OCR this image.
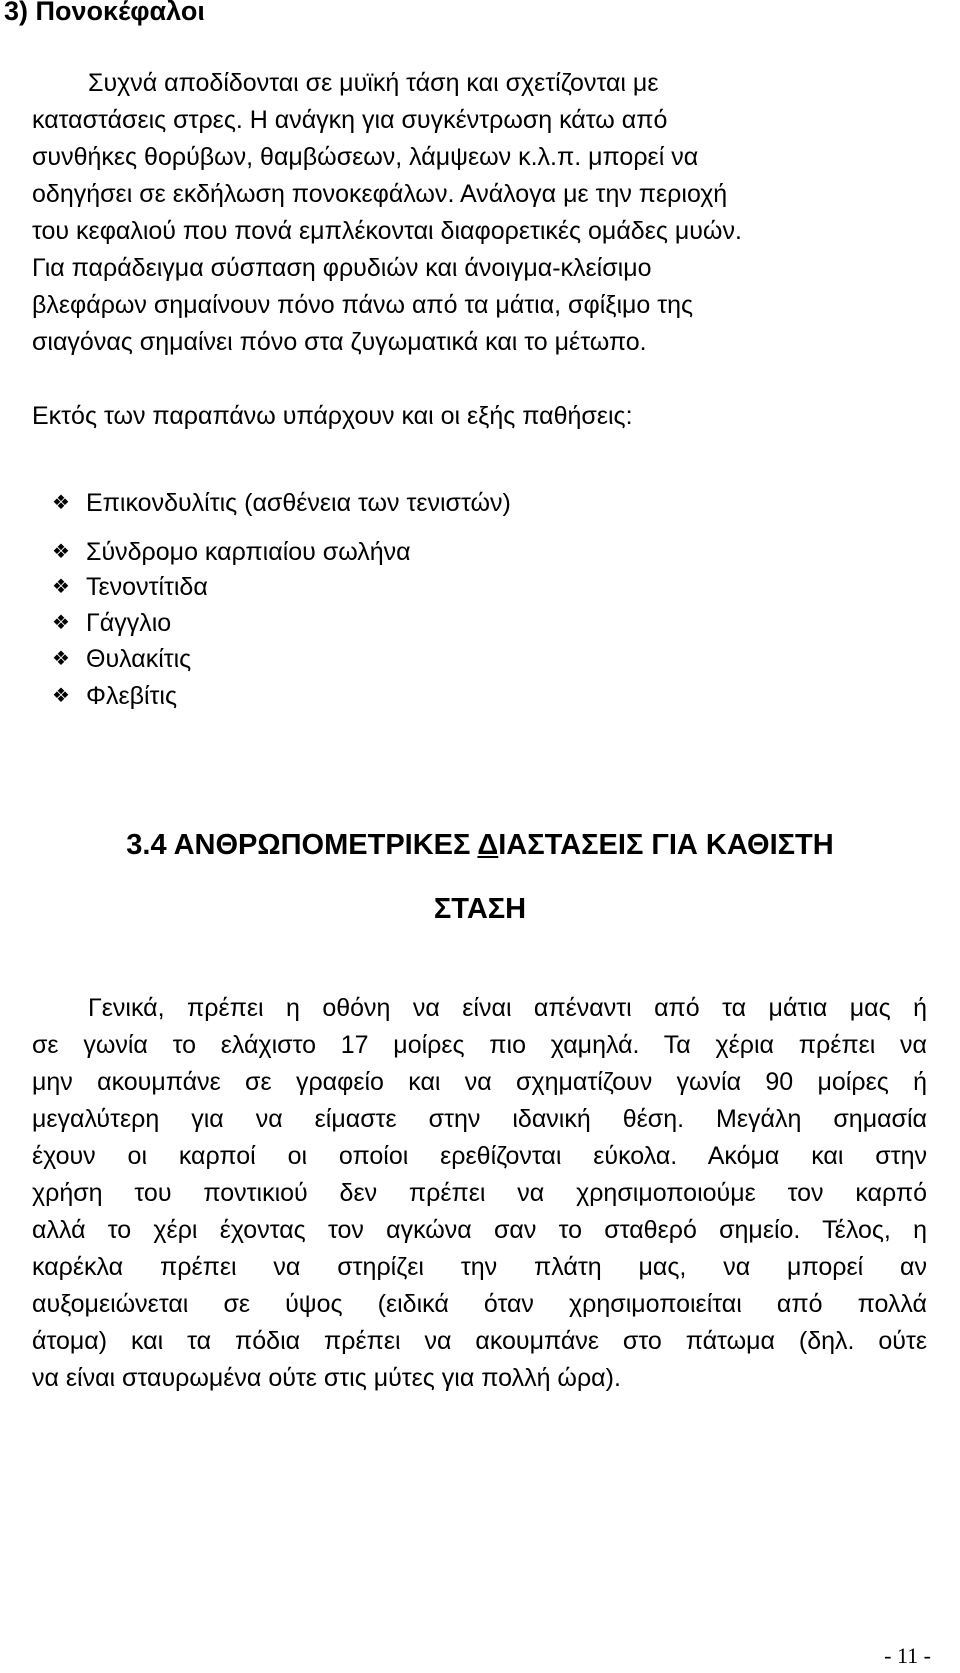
3) Πονοκέφαλοι
Συχνά αποδίδονται σε μυϊκή τάση και σχετίζονται με
καταστάσεις στρες. Η ανάγκη για συγκέντρωση κάτω από
συνθήκες θορύβων, θαμβώσεων, λάμψεων κ.λ.π. μπορεί να
οδηγήσει σε εκδήλωση πονοκεφάλων. Ανάλογα με την περιοχή
του κεφαλιού που πονά εμπλέκονται διαφορετικές ομάδες μυών.
Για παράδειγμα σύσπαση φρυδιών και άνοιγμα-κλείσιμο
βλεφάρων σημαίνουν πόνο πάνω από τα μάτια, σφίξιμο της
σιαγόνας σημαίνει πόνο στα ζυγωματικά και το μέτωπο.
Εκτός των παραπάνω υπάρχουν και οι εξής παθήσεις:
❖ Επικονδυλίτις (ασθένεια των τενιστών)
❖ Σύνδρομο καρπιαίου σωλήνα
❖ Τενοντίτιδα
❖ Γάγγλιο
❖ Θυλακίτις
❖ Φλεβίτις
3.4 ΑΝΘΡΩΠΟΜΕΤΡΙΚΕΣ ΔΙΑΣΤΑΣΕΙΣ ΓΙΑ ΚΑΘΙΣΤΗ
ΣΤΑΣΗ
Γενικά, πρέπει η οθόνη να είναι απέναντι από τα μάτια μας ή
σε γωνία το ελάχιστο 17 μοίρες πιο χαμηλά. Τα χέρια πρέπει να
μην ακουμπάνε σε γραφείο και να σχηματίζουν γωνία 90 μοίρες ή
μεγαλύτερη για να είμαστε στην ιδανική θέση. Μεγάλη σημασία
έχουν οι καρποί οι οποίοι ερεθίζονται εύκολα. Ακόμα και στην
χρήση του ποντικιού δεν πρέπει να χρησιμοποιούμε τον καρπό
αλλά το χέρι έχοντας τον αγκώνα σαν το σταθερό σημείο. Τέλος, η
καρέκλα πρέπει να στηρίζει την πλάτη μας, να μπορεί αν
αυξομειώνεται σε ύψος (ειδικά όταν χρησιμοποιείται από πολλά
άτομα) και τα πόδια πρέπει να ακουμπάνε στο πάτωμα (δηλ. ούτε
να είναι σταυρωμένα ούτε στις μύτες για πολλή ώρα).
- 11 -
